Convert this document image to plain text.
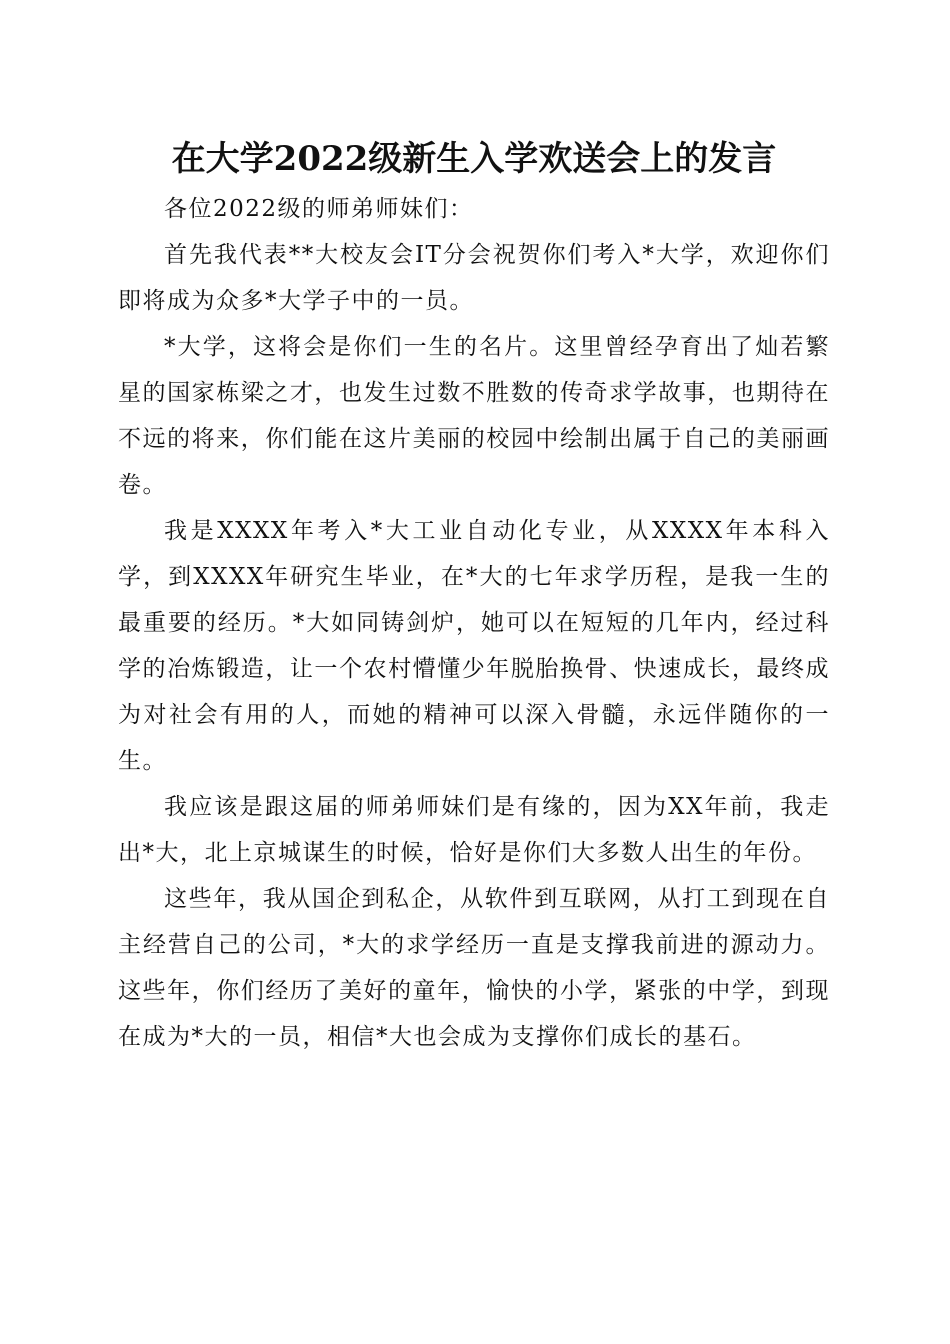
在大学2022级新生入学欢送会上的发言

各位2022级的师弟师妹们：

首先我代表**大校友会IT分会祝贺你们考入*大学，欢迎你们即将成为众多*大学子中的一员。

*大学，这将会是你们一生的名片。这里曾经孕育出了灿若繁星的国家栋梁之才，也发生过数不胜数的传奇求学故事，也期待在不远的将来，你们能在这片美丽的校园中绘制出属于自己的美丽画卷。

我是XXXX年考入*大工业自动化专业，从XXXX年本科入学，到XXXX年研究生毕业，在*大的七年求学历程，是我一生的最重要的经历。*大如同铸剑炉，她可以在短短的几年内，经过科学的冶炼锻造，让一个农村懵懂少年脱胎换骨、快速成长，最终成为对社会有用的人，而她的精神可以深入骨髓，永远伴随你的一生。

我应该是跟这届的师弟师妹们是有缘的，因为XX年前，我走出*大，北上京城谋生的时候，恰好是你们大多数人出生的年份。

这些年，我从国企到私企，从软件到互联网，从打工到现在自主经营自己的公司，*大的求学经历一直是支撑我前进的源动力。这些年，你们经历了美好的童年，愉快的小学，紧张的中学，到现在成为*大的一员，相信*大也会成为支撑你们成长的基石。
